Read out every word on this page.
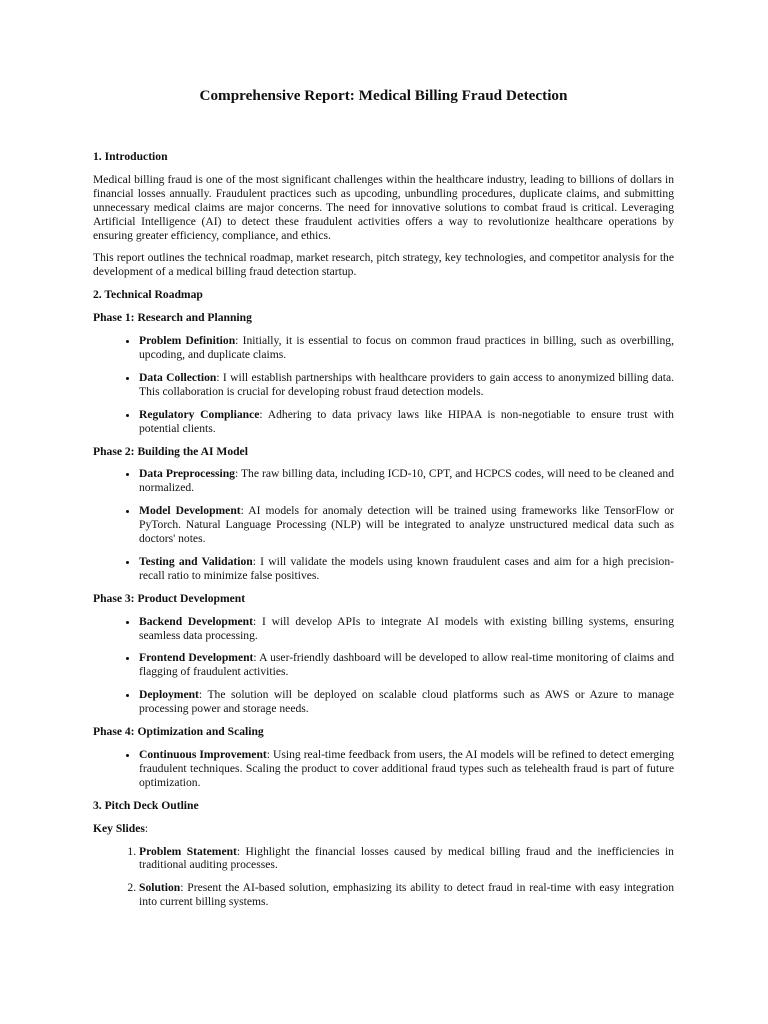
Comprehensive Report: Medical Billing Fraud Detection
1. Introduction

Medical billing fraud is one of the most significant challenges within the healthcare industry, leading to billions of dollars in financial losses annually. Fraudulent practices such as upcoding, unbundling procedures, duplicate claims, and submitting unnecessary medical claims are major concerns. The need for innovative solutions to combat fraud is critical. Leveraging Artificial Intelligence (AI) to detect these fraudulent activities offers a way to revolutionize healthcare operations by ensuring greater efficiency, compliance, and ethics.

This report outlines the technical roadmap, market research, pitch strategy, key technologies, and competitor analysis for the development of a medical billing fraud detection startup.

2. Technical Roadmap
Phase 1: Research and Planning
• Problem Definition: Initially, it is essential to focus on common fraud practices in billing, such as overbilling, upcoding, and duplicate claims.
• Data Collection: I will establish partnerships with healthcare providers to gain access to anonymized billing data. This collaboration is crucial for developing robust fraud detection models.
• Regulatory Compliance: Adhering to data privacy laws like HIPAA is non-negotiable to ensure trust with potential clients.
Phase 2: Building the AI Model
• Data Preprocessing: The raw billing data, including ICD-10, CPT, and HCPCS codes, will need to be cleaned and normalized.
• Model Development: AI models for anomaly detection will be trained using frameworks like TensorFlow or PyTorch. Natural Language Processing (NLP) will be integrated to analyze unstructured medical data such as doctors' notes.
• Testing and Validation: I will validate the models using known fraudulent cases and aim for a high precision-recall ratio to minimize false positives.
Phase 3: Product Development
• Backend Development: I will develop APIs to integrate AI models with existing billing systems, ensuring seamless data processing.
• Frontend Development: A user-friendly dashboard will be developed to allow real-time monitoring of claims and flagging of fraudulent activities.
• Deployment: The solution will be deployed on scalable cloud platforms such as AWS or Azure to manage processing power and storage needs.
Phase 4: Optimization and Scaling
• Continuous Improvement: Using real-time feedback from users, the AI models will be refined to detect emerging fraudulent techniques. Scaling the product to cover additional fraud types such as telehealth fraud is part of future optimization.
3. Pitch Deck Outline

Key Slides:

1. Problem Statement: Highlight the financial losses caused by medical billing fraud and the inefficiencies in traditional auditing processes.
2. Solution: Present the AI-based solution, emphasizing its ability to detect fraud in real-time with easy integration into current billing systems.
